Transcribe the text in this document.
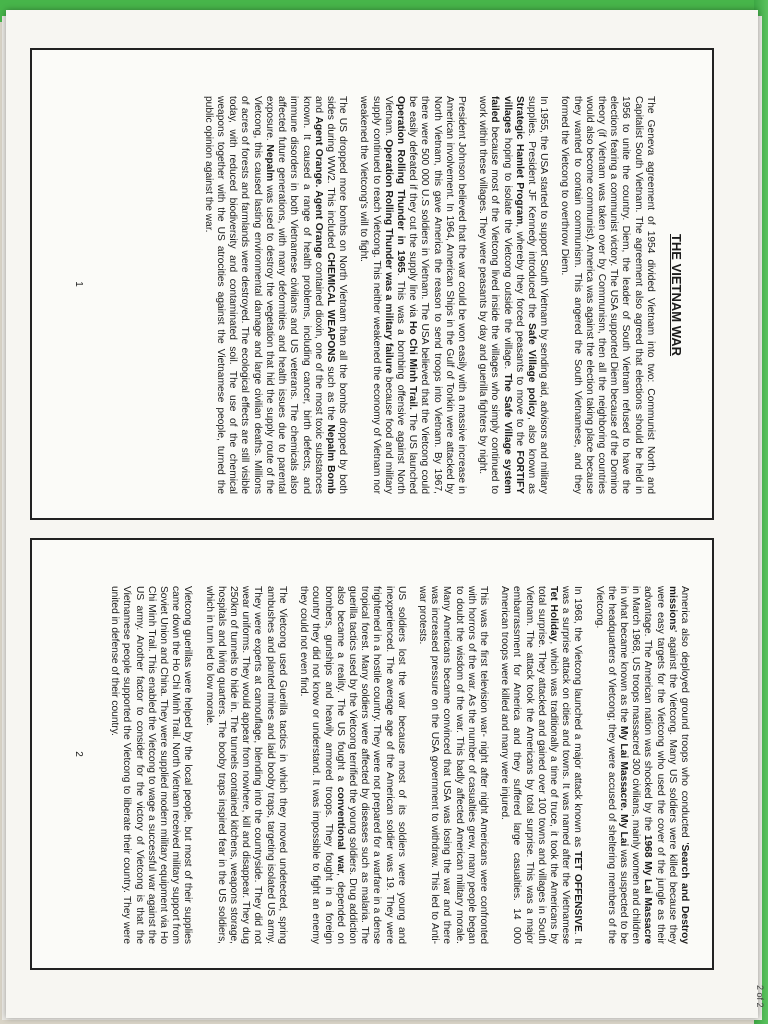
2 of 2
THE VIETNAM WAR

The Geneva agreement of 1954 divided Vietnam into two: Communist North and Capitalist South Vietnam. The agreement also agreed that elections should be held in 1956 to unite the country. Diem, the leader of South Vietnam refused to have the elections fearing a communist victory. The USA supported Diem because of the Domino theory (if Vietnam was taken over by Communism, then all the neighboring countries would also become communist). America was against the election taking place because they wanted to contain communism. This angered the South Vietnamese, and they formed the Vietcong to overthrow Diem.

In 1955, the USA started to support South Vietnam by sending aid, advisors and military supplies. President JF Kennedy introduced the Safe Village policy, also known as Strategic Hamlet Program, whereby they forced peasants to move to the FORTIFY villages hoping to isolate the Vietcong outside the village. The Safe Village system failed because most of the Vietcong lived inside the villages who simply continued to work within these villages. They were peasants by day and guerilla fighters by night.

President Johnson believed that the war could be won easily with a massive increase in American involvement. In 1964, American Ships in the Gulf of Tonkin were attacked by North Vietnam, this gave America the reason to send troops into Vietnam. By 1967, there were 500 000 U.S soldiers in Vietnam. The USA believed that the Vietcong could be easily defeated if they cut the supply line via Ho Chi Minh Trail. The US launched Operation Rolling Thunder in 1965. This was a bombing offensive against North Vietnam. Operation Rolling Thunder was a military failure because food and military supply continued to reach Vietcong. This neither weakened the economy of Vietnam nor weakened the Vietcong's will to fight.

The US dropped more bombs on North Vietnam than all the bombs dropped by both sides during WW2. This included CHEMICAL WEAPONS such as the Nepalm Bomb and Agent Orange. Agent Orange contained dioxin, one of the most toxic substances known. It caused a range of health problems, including cancer, birth defects, and immune disorders in both Vietnamese civilians and US veterans. The chemicals also affected future generations, with many deformities and health issues due to parental exposure. Nepalm was used to destroy the vegetation that hid the supply route of the Vietcong, this caused lasting environmental damage and large civilian deaths. Millions of acres of forests and farmlands were destroyed. The ecological effects are still visible today, with reduced biodiversity and contaminated soil. The use of the chemical weapons together with the US atrocities against the Vietnamese people, turned the public opinion against the war.

1

America also deployed ground troops who conducted 'Search and Destroy missions' against the Vietcong. Many US soldiers were killed because they were easy targets for the Vietcong who used the cover of the jungle as their advantage. The American nation was shocked by the 1968 My Lai Massacre in March 1968, US troops massacred 300 civilians, mainly women and children in what became known as the My Lai Massacre. My Lai was suspected to be the headquarters of Vietcong; they were accused of sheltering members of the Vietcong.

In 1968, the Vietcong launched a major attack known as TET OFFENSIVE. It was a surprise attack on cities and towns. It was named after the Vietnamese Tet Holiday, which was traditionally a time of truce, it took the Americans by total surprise. They attacked and gained over 100 towns and villages in South Vietnam. The attack took the Americans by total surprise. This was a major embarrassment for America and they suffered large casualties. 14 000 American troops were killed and many were injured.

This was the first television war- night after night Americans were confronted with horrors of the war. As the number of casualties grew, many people began to doubt the wisdom of the war. This badly affected American military morale. Many Americans became convinced that USA was losing the war and there was increased pressure on the USA government to withdraw. This led to Anti-war protests.

US soldiers lost the war because most of its soldiers were young and inexperienced. The average age of the American soldier was 19. They were frightened in a hostile country. They were not prepared for a warfare in a dense tropical forest. Many soldiers were affected by diseases such as malaria. The guerilla tactics used by the Vietcong terrified the young soldiers. Drug addiction also became a reality. The US fought a conventional war, depended on bombers, gunships and heavily armored troops. They fought in a foreign country they did not know or understand. It was impossible to fight an enemy they could not even find.

The Vietcong used Guerilla tactics in which they moved undetected, spring ambushes and planted mines and laid booby traps, targeting isolated US army. They were experts at camouflage, blending into the countryside. They did not wear uniforms. They would appear from nowhere, kill and disappear. They dug 250km of tunnels to hide in. The tunnels contained kitchens, weapons storage, hospitals and living quarters. The booby traps inspired fear in the US soldiers, which in turn led to low morale.

Vietcong guerillas were helped by the local people, but most of their supplies came down the Ho Chi Minh Trail. North Vietnam received military support from Soviet Union and China. They were supplied modern military equipment via Ho Chi Minh Trail. This enabled the Vietcong to wage a successful war against the US army. Another factor to consider for the victory of Vietcong is that the Vietnamese people supported the Vietcong to liberate their country. They were united in defense of their country.

2
